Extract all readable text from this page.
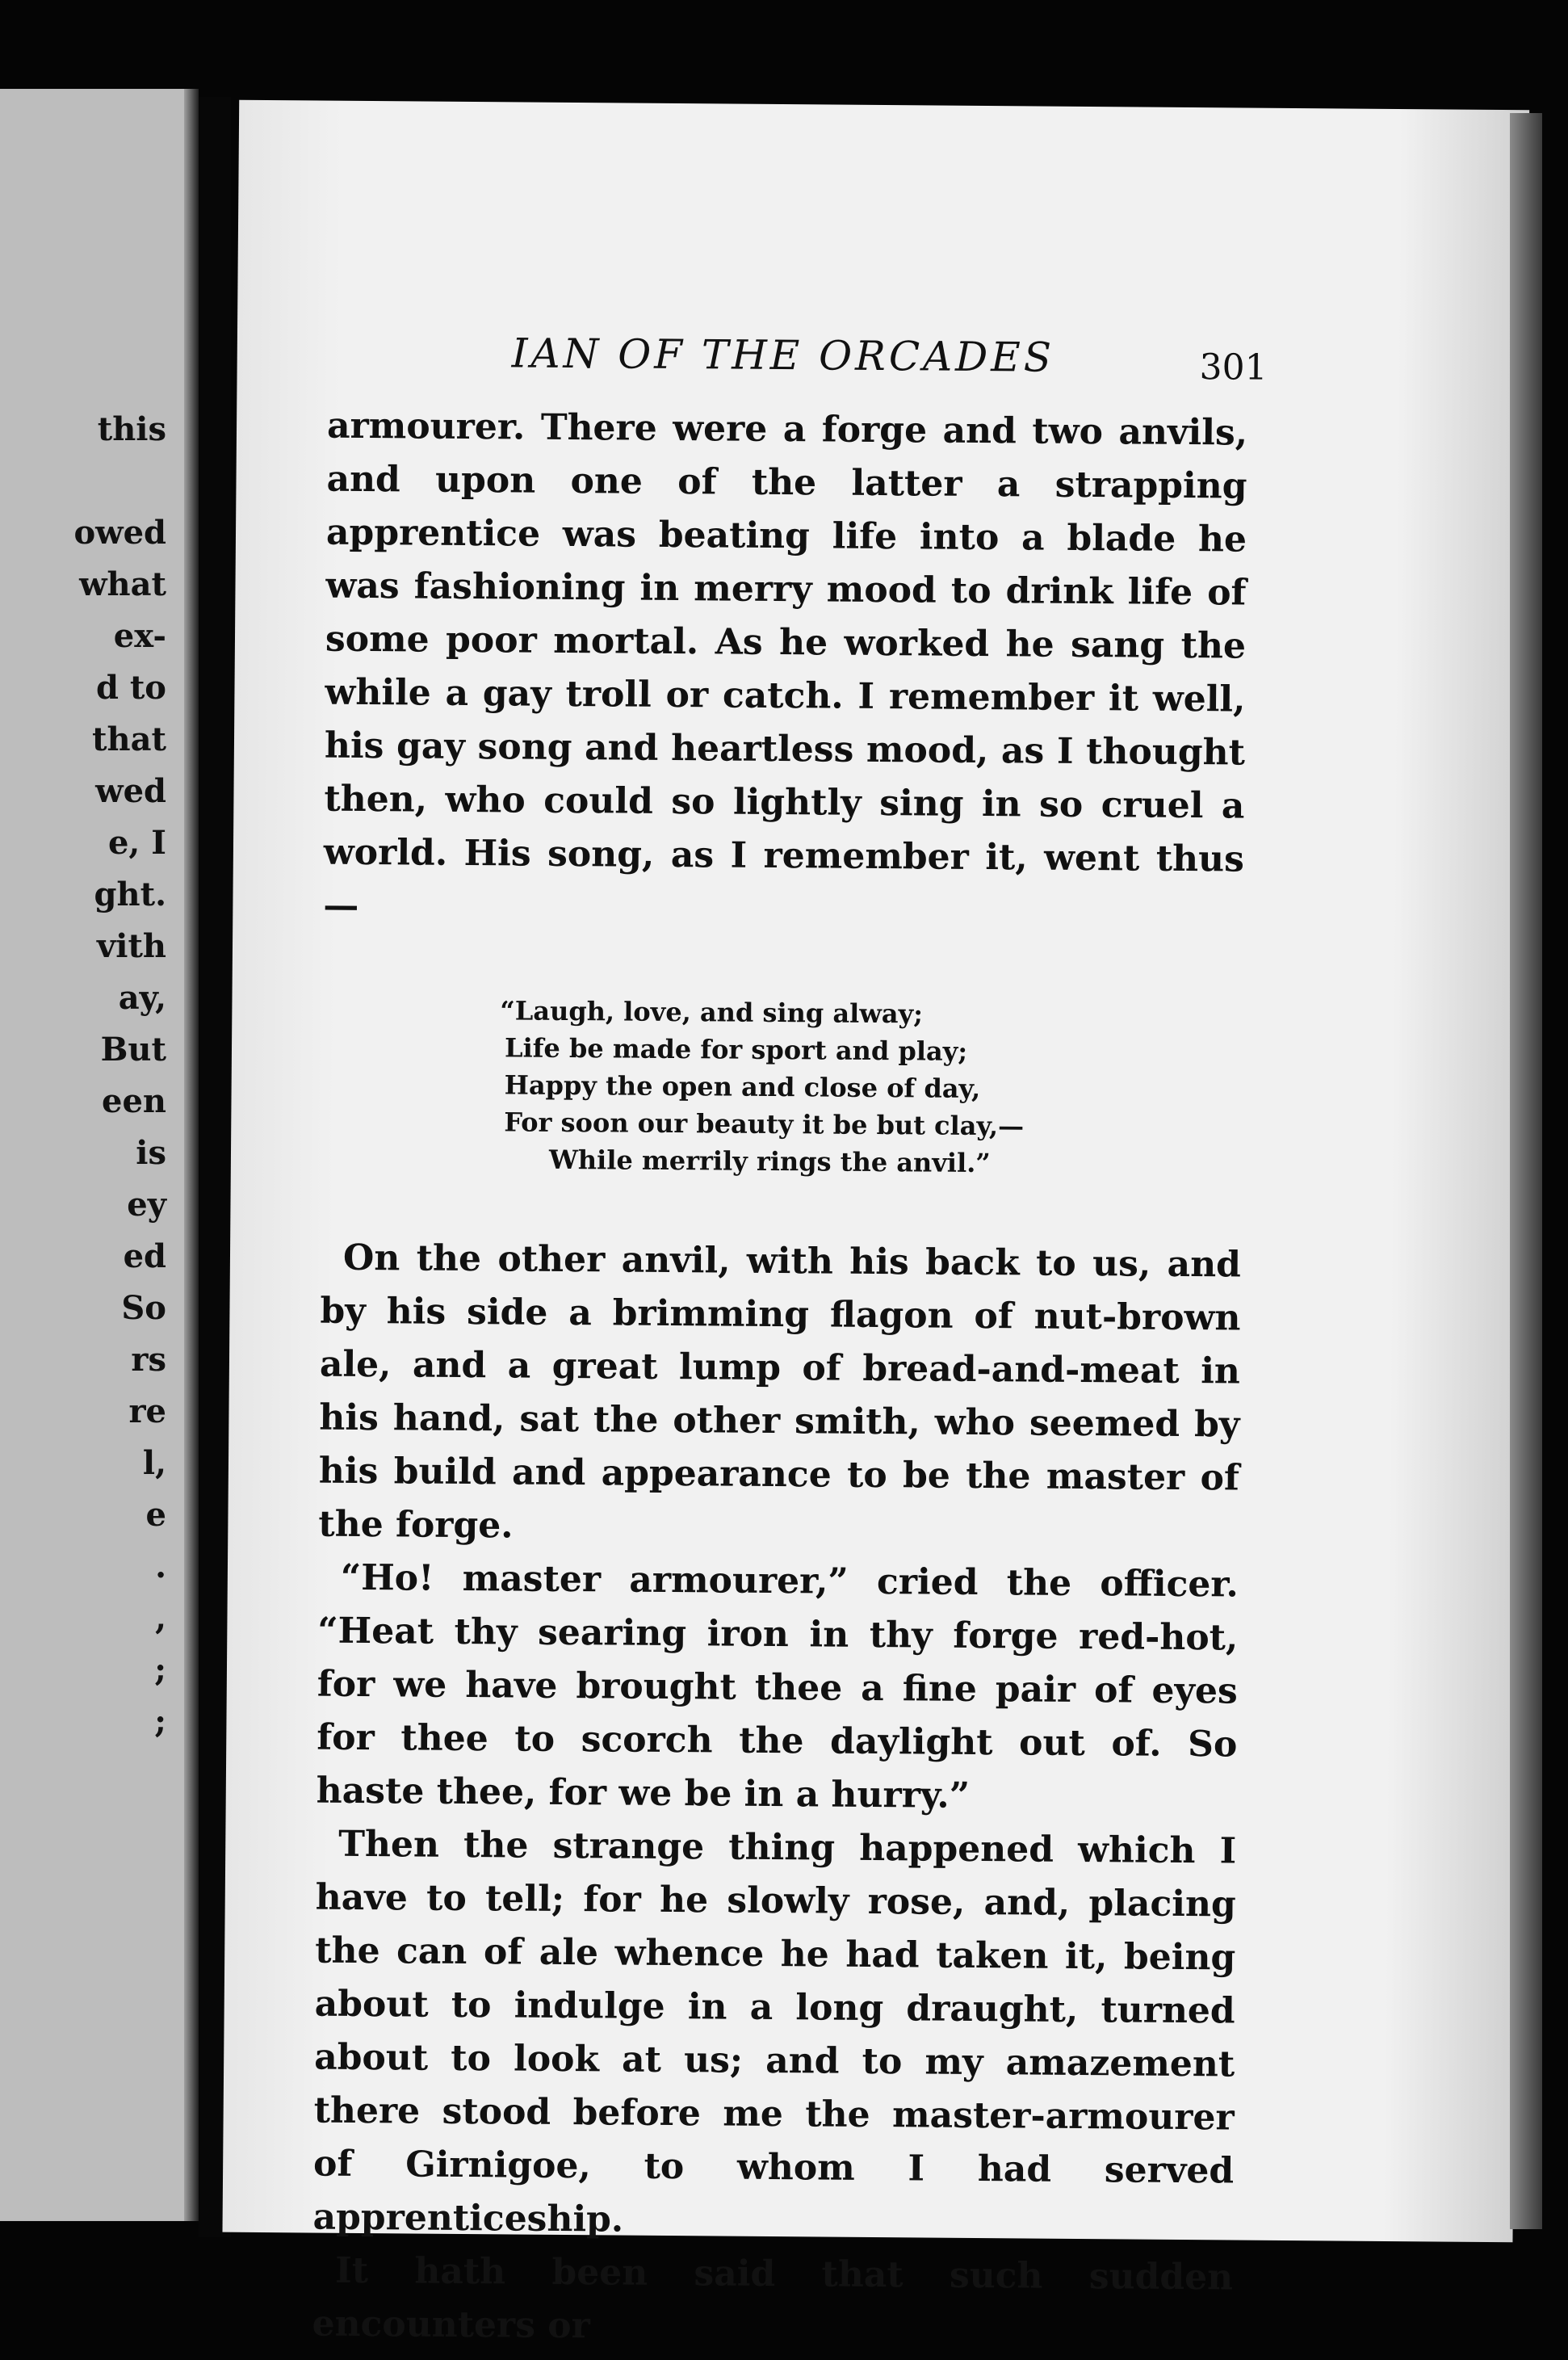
this

owed

what

ex-

d to

that

wed

e, I

ght.

vith

ay,

But

een

is

ey

ed

So

rs

re

l,

e

.

,

;

;

IAN OF THE ORCADES	301

armourer. There were a forge and two anvils, and upon one of the latter a strapping apprentice was beating life into a blade he was fashioning in merry mood to drink life of some poor mortal. As he worked he sang the while a gay troll or catch. I remember it well, his gay song and heartless mood, as I thought then, who could so lightly sing in so cruel a world. His song, as I remember it, went thus—

“Laugh, love, and sing alway;

Life be made for sport and play;

Happy the open and close of day,

For soon our beauty it be but clay,—

While merrily rings the anvil.”

On the other anvil, with his back to us, and by his side a brimming flagon of nut-brown ale, and a great lump of bread-and-meat in his hand, sat the other smith, who seemed by his build and appearance to be the master of the forge.

“Ho! master armourer,” cried the officer. “Heat thy searing iron in thy forge red-hot, for we have brought thee a fine pair of eyes for thee to scorch the daylight out of. So haste thee, for we be in a hurry.”

Then the strange thing happened which I have to tell; for he slowly rose, and, placing the can of ale whence he had taken it, being about to indulge in a long draught, turned about to look at us; and to my amazement there stood before me the master-armourer of Girnigoe, to whom I had served apprenticeship.

It hath been said that such sudden encounters or
